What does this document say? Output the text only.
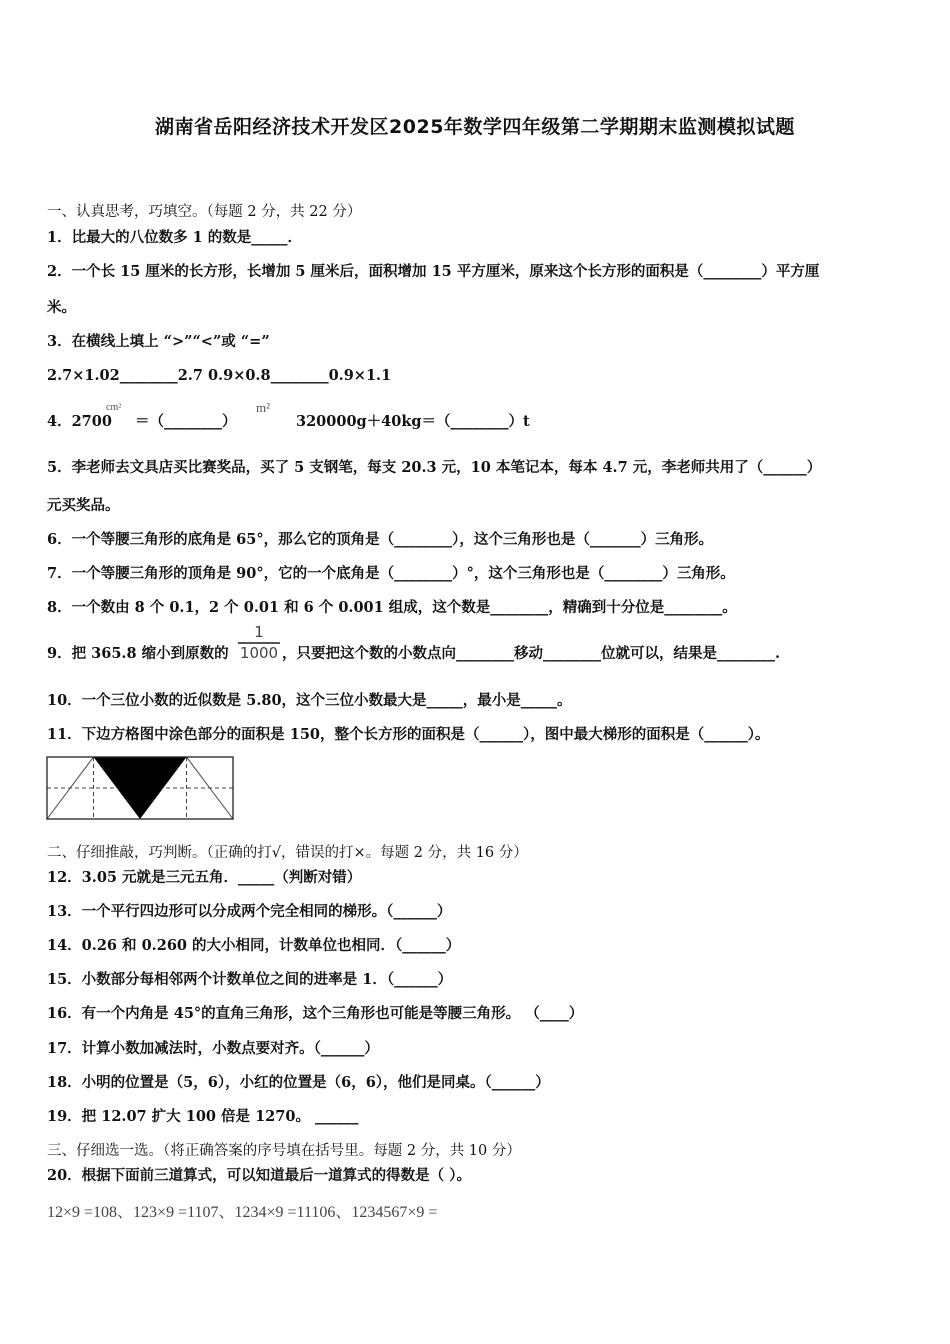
湖南省岳阳经济技术开发区2025年数学四年级第二学期期末监测模拟试题
一、认真思考，巧填空。（每题 2 分，共 22 分）
1．比最大的八位数多 1 的数是_____．
2．一个长 15 厘米的长方形，长增加 5 厘米后，面积增加 15 平方厘米，原来这个长方形的面积是（________）平方厘
米。
3．在横线上填上 “>”“<”或 “=”
2.7×1.02________2.7 0.9×0.8________0.9×1.1
4．2700
cm²
＝（________）
m²
320000g＋40kg＝（________）t
5．李老师去文具店买比赛奖品，买了 5 支钢笔，每支 20.3 元，10 本笔记本，每本 4.7 元，李老师共用了（______）
元买奖品。
6．一个等腰三角形的底角是 65°，那么它的顶角是（________），这个三角形也是（_______）三角形。
7．一个等腰三角形的顶角是 90°，它的一个底角是（________）°，这个三角形也是（________）三角形。
8．一个数由 8 个 0.1，2 个 0.01 和 6 个 0.001 组成，这个数是________，精确到十分位是________。
9．把 365.8 缩小到原数的
1
1000 ，只要把这个数的小数点向________移动________位就可以，结果是________.
10．一个三位小数的近似数是 5.80，这个三位小数最大是_____，最小是_____。
11．下边方格图中涂色部分的面积是 150，整个长方形的面积是（______），图中最大梯形的面积是（______）。
二、仔细推敲，巧判断。（正确的打√，错误的打×。每题 2 分，共 16 分）
12．3.05 元就是三元五角．_____（判断对错）
13．一个平行四边形可以分成两个完全相同的梯形。（______）
14．0.26 和 0.260 的大小相同，计数单位也相同．（______）
15．小数部分每相邻两个计数单位之间的进率是 1．（______）
16．有一个内角是 45°的直角三角形，这个三角形也可能是等腰三角形。 （____）
17．计算小数加减法时，小数点要对齐。（______）
18．小明的位置是（5，6），小红的位置是（6，6），他们是同桌。（______）
19．把 12.07 扩大 100 倍是 1270。 ______
三、仔细选一选。（将正确答案的序号填在括号里。每题 2 分，共 10 分）
20．根据下面前三道算式，可以知道最后一道算式的得数是（ ）。
12×9 =108、123×9 =1107、1234×9 =11106、1234567×9 =
